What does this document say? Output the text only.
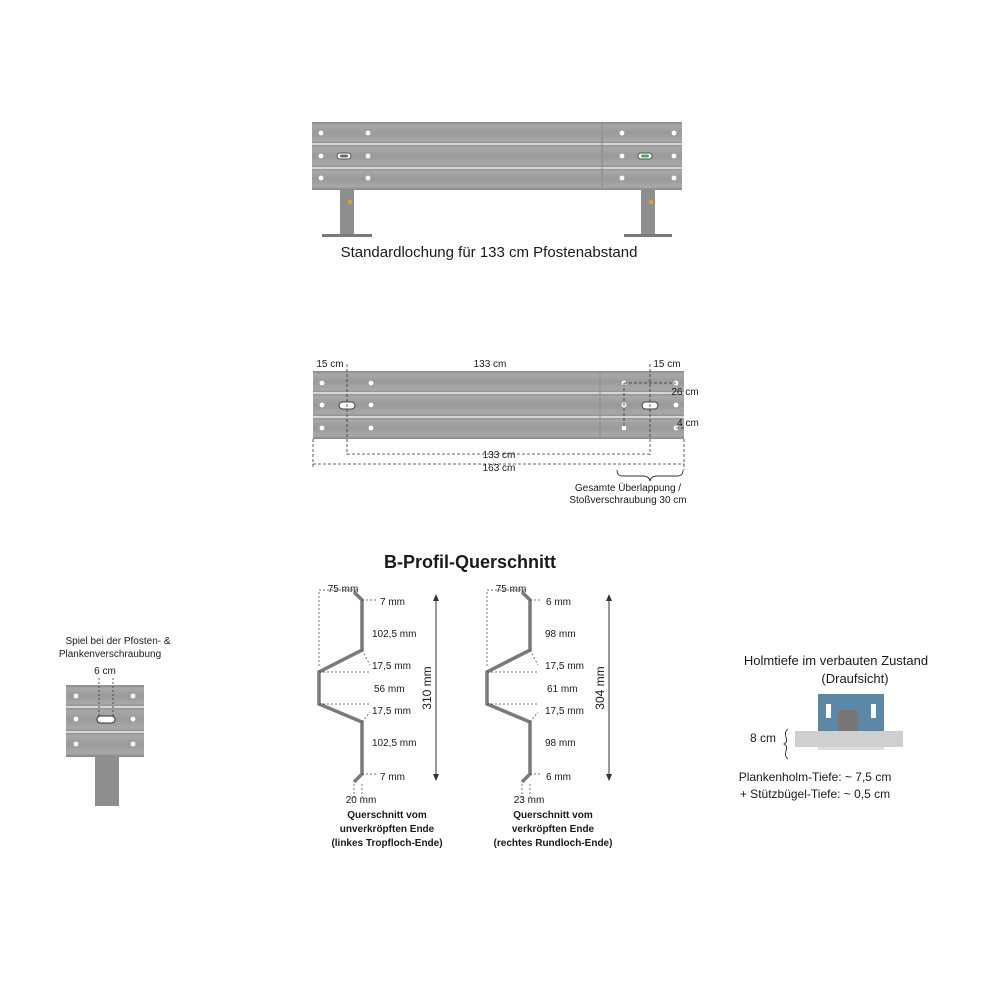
Standardlochung für 133 cm Pfostenabstand
15 cm	133 cm	15 cm
26 cm
4 cm
133 cm
163 cm
Gesamte Überlappung /
Stoßverschraubung 30 cm
Spiel bei der Pfosten- &
Plankenverschraubung
6 cm
B-Profil-Querschnitt
75 mm
7 mm
102,5 mm
17,5 mm
56 mm
17,5 mm
102,5 mm
7 mm
310 mm
20 mm
Querschnitt vom
unverkröpften Ende
(linkes Tropfloch-Ende)
75 mm
6 mm
98 mm
17,5 mm
61 mm
17,5 mm
98 mm
6 mm
304 mm
23 mm
Querschnitt vom
verkröpften Ende
(rechtes Rundloch-Ende)
Holmtiefe im verbauten Zustand
(Draufsicht)
8 cm
Plankenholm-Tiefe: ~ 7,5 cm
+ Stützbügel-Tiefe: ~ 0,5 cm
